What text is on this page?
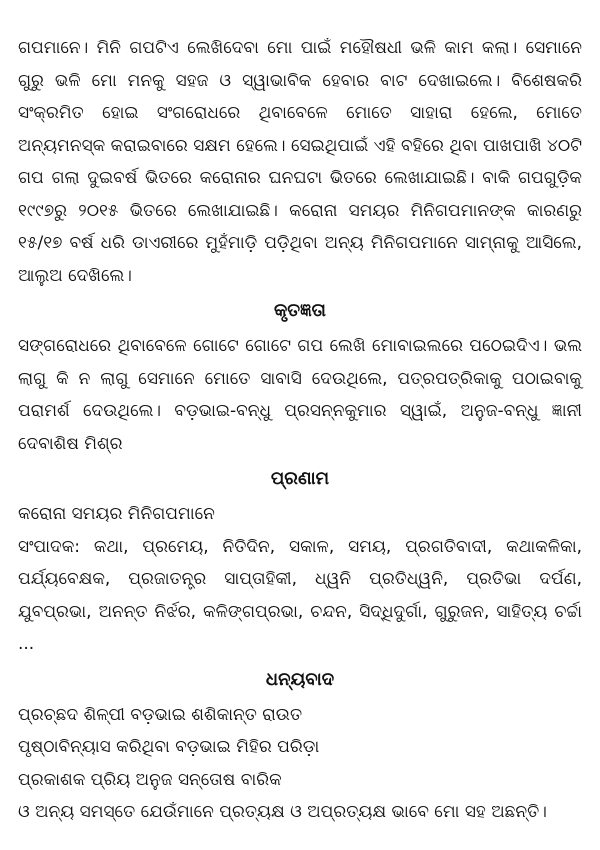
ଗପମାନେ। ମିନି ଗପଟିଏ ଲେଖିଦେବା ମୋ ପାଇଁ ମହୌଷଧୀ ଭଳି କାମ କଲା। ସେମାନେ ଗୁରୁ ଭଳି ମୋ ମନକୁ ସହଜ ଓ ସ୍ୱାଭାବିକ ହେବାର ବାଟ ଦେଖାଇଲେ। ବିଶେଷକରି ସଂକ୍ରମିତ ହୋଇ ସଂଗରୋଧରେ ଥିବାବେଳେ ମୋତେ ସାହାରା ହେଲେ, ମୋତେ ଅନ୍ୟମନସ୍କ କରାଇବାରେ ସକ୍ଷମ ହେଲେ। ସେଇଥିପାଇଁ ଏହି ବହିରେ ଥିବା ପାଖପାଖି ୪୦ଟି ଗପ ଗଲା ଦୁଇବର୍ଷ ଭିତରେ କରୋନାର ଘନଘଟା ଭିତରେ ଲେଖାଯାଇଛି। ବାକି ଗପଗୁଡ଼ିକ ୧୯୯୭ରୁ ୨୦୧୫ ଭିତରେ ଲେଖାଯାଇଛି। କରୋନା ସମୟର ମିନିଗପମାନଙ୍କ କାରଣରୁ ୧୫/୧୭ ବର୍ଷ ଧରି ଡାଏରୀରେ ମୁହଁମାଡ଼ି ପଡ଼ିଥିବା ଅନ୍ୟ ମିନିଗପମାନେ ସାମ୍ନାକୁ ଆସିଲେ, ଆଲୁଅ ଦେଖିଲେ।

କୃତଜ୍ଞତା

ସଙ୍ଗରୋଧରେ ଥିବାବେଳେ ଗୋଟେ ଗୋଟେ ଗପ ଲେଖି ମୋବାଇଲରେ ପଠେଇଦିଏ। ଭଲ ଲାଗୁ କି ନ ଲାଗୁ ସେମାନେ ମୋତେ ସାବାସି ଦେଉଥିଲେ, ପତ୍ରପତ୍ରିକାକୁ ପଠାଇବାକୁ ପରାମର୍ଶ ଦେଉଥିଲେ। ବଡ଼ଭାଇ-ବନ୍ଧୁ ପ୍ରସନ୍ନକୁମାର ସ୍ୱାଇଁ, ଅନୁଜ-ବନ୍ଧୁ ଜ୍ଞାନୀ ଦେବାଶିଷ ମିଶ୍ର

ପ୍ରଣାମ
କରୋନା ସମୟର ମିନିଗପମାନେ

ସଂପାଦକ: କଥା, ପ୍ରମେୟ, ନିତିଦିନ, ସକାଳ, ସମୟ, ପ୍ରଗତିବାଦୀ, କଥାକଳିକା, ପର୍ଯ୍ୟବେକ୍ଷକ, ପ୍ରଜାତନ୍ତ୍ର ସାପ୍ତାହିକୀ, ଧ୍ୱନି ପ୍ରତିଧ୍ୱନି, ପ୍ରତିଭା ଦର୍ପଣ, ଯୁବପ୍ରଭା, ଅନନ୍ତ ନିର୍ଝର, କଳିଙ୍ଗପ୍ରଭା, ଚନ୍ଦନ, ସିଦ୍ଧିଦୁର୍ଗା, ଗୁରୁଜନ, ସାହିତ୍ୟ ଚର୍ଚ୍ଚା ...

ଧନ୍ୟବାଦ
ପ୍ରଚ୍ଛଦ ଶିଳ୍ପୀ ବଡ଼ଭାଇ ଶଶିକାନ୍ତ ରାଉତ
ପୃଷ୍ଠାବିନ୍ୟାସ କରିଥିବା ବଡ଼ଭାଇ ମିହିର ପରିଡ଼ା
ପ୍ରକାଶକ ପ୍ରିୟ ଅନୁଜ ସନ୍ତୋଷ ବାରିକ
ଓ ଅନ୍ୟ ସମସ୍ତେ ଯେଉଁମାନେ ପ୍ରତ୍ୟକ୍ଷ ଓ ଅପ୍ରତ୍ୟକ୍ଷ ଭାବେ ମୋ ସହ ଅଛନ୍ତି।
